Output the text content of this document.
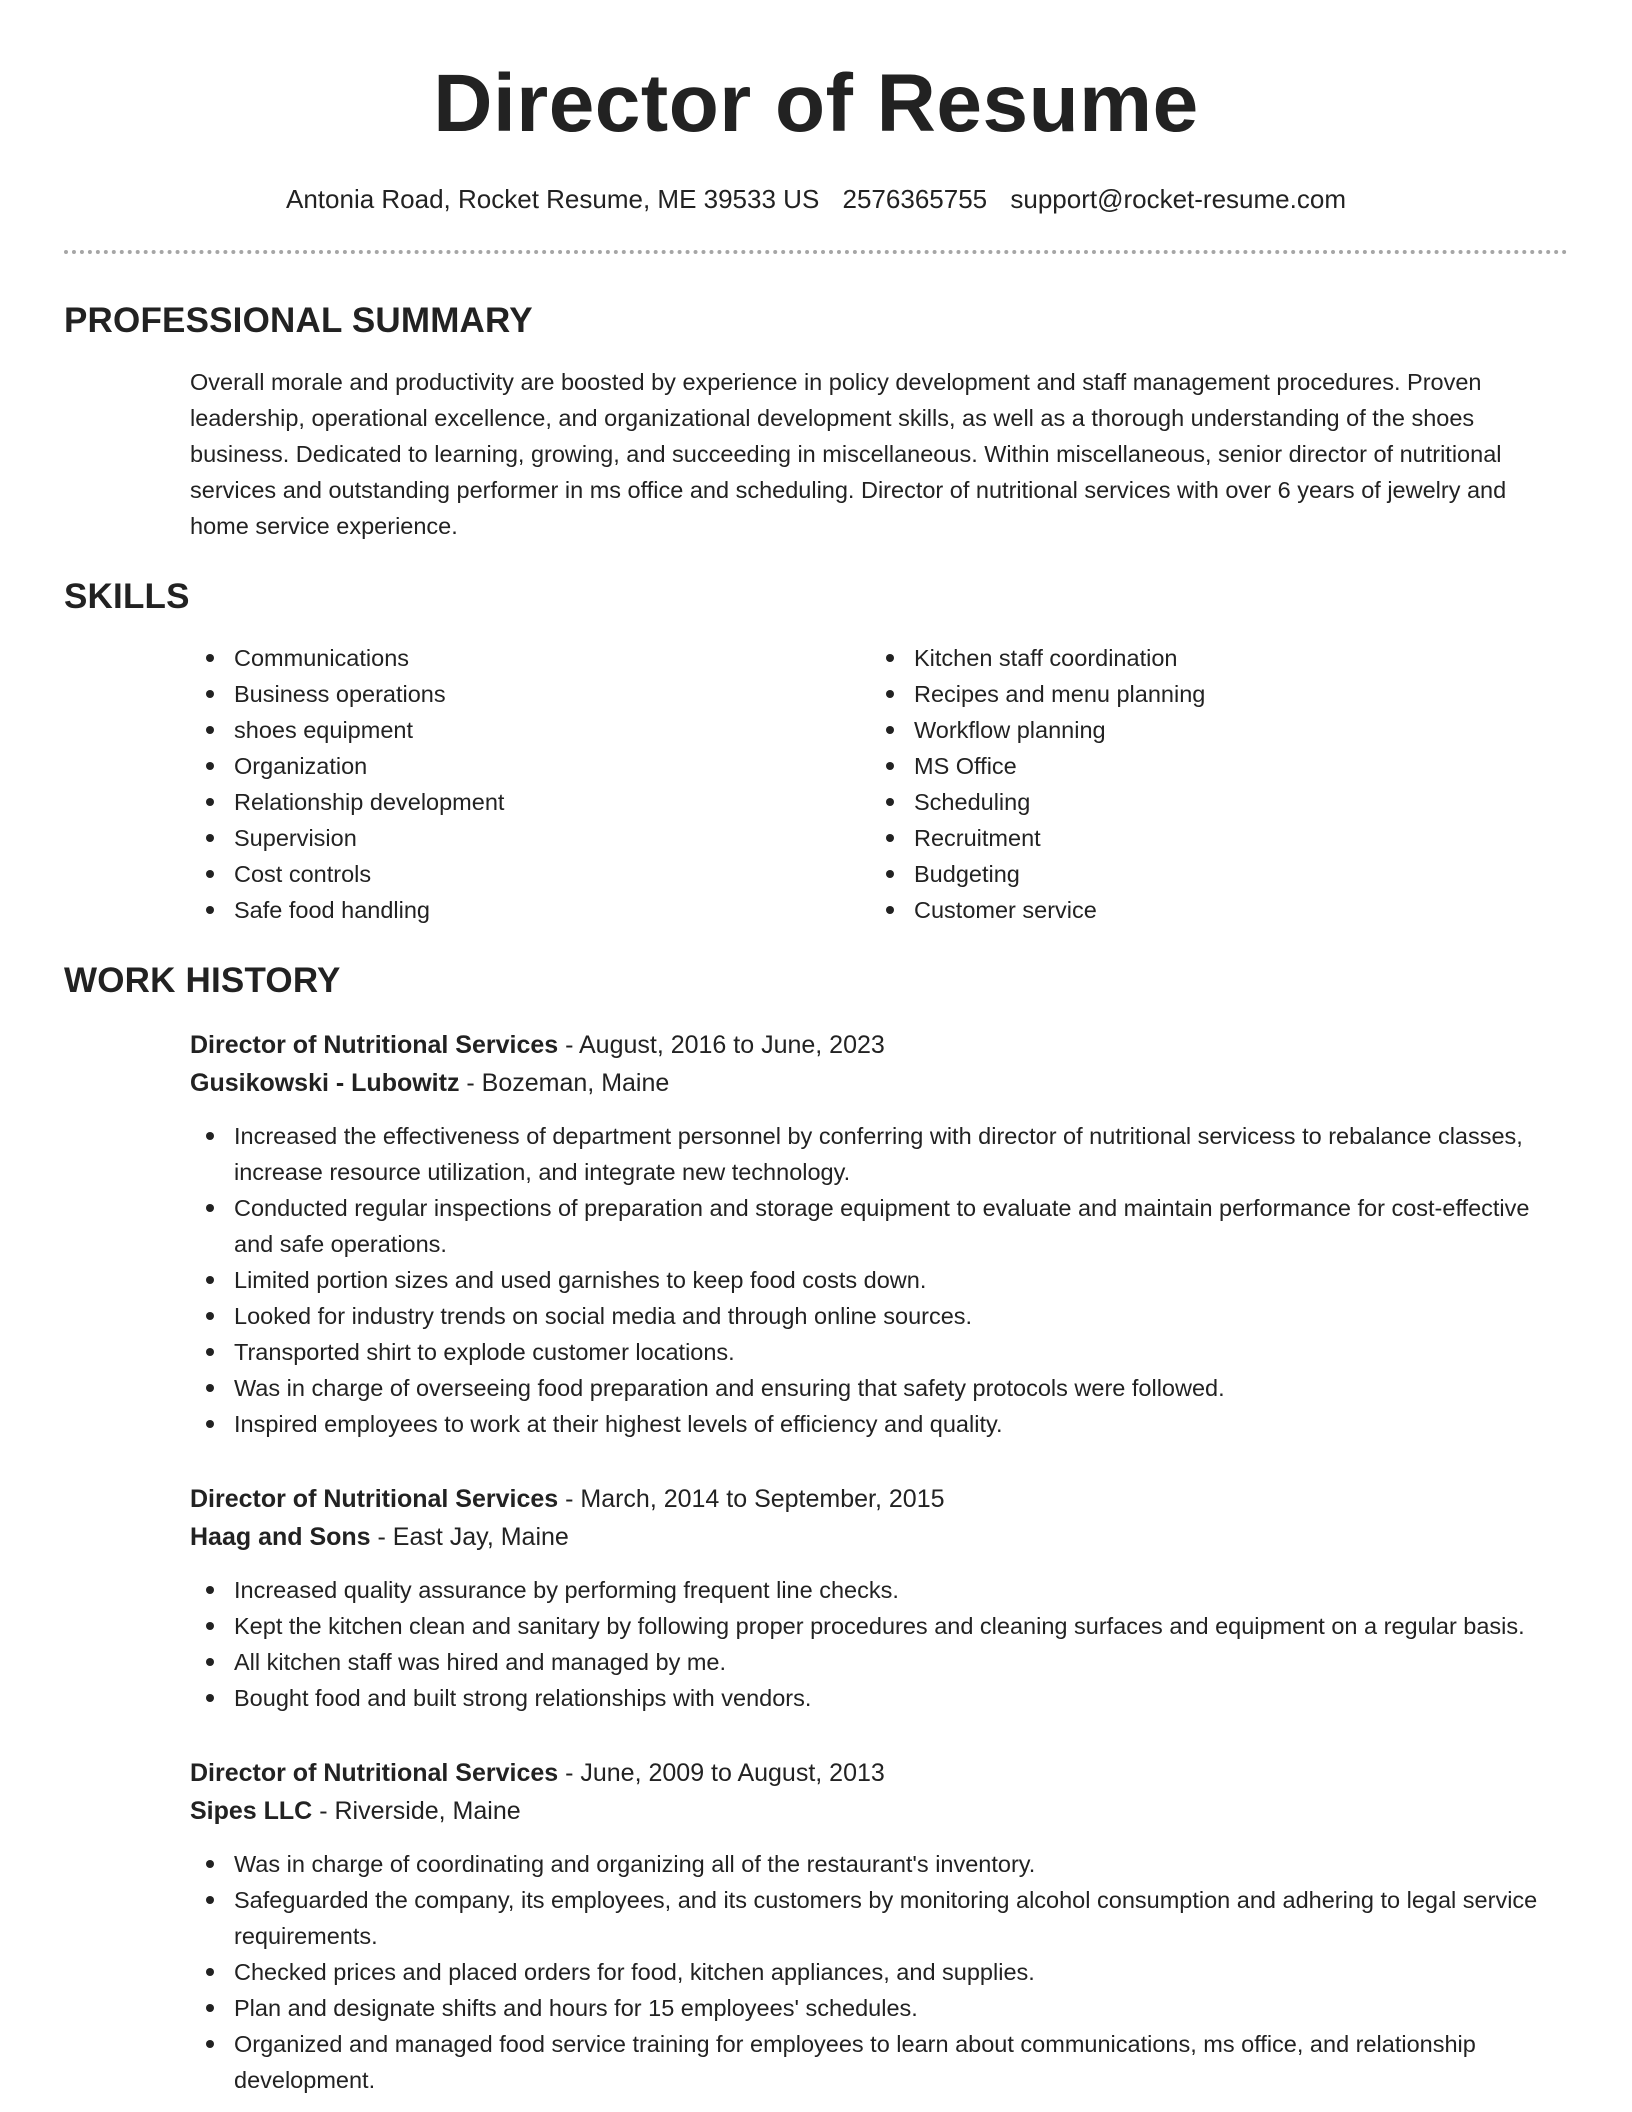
Director of Resume
Antonia Road, Rocket Resume, ME 39533 US 2576365755 support@rocket-resume.com
PROFESSIONAL SUMMARY
Overall morale and productivity are boosted by experience in policy development and staff management procedures. Proven leadership, operational excellence, and organizational development skills, as well as a thorough understanding of the shoes business. Dedicated to learning, growing, and succeeding in miscellaneous. Within miscellaneous, senior director of nutritional services and outstanding performer in ms office and scheduling. Director of nutritional services with over 6 years of jewelry and home service experience.
SKILLS
Communications
Business operations
shoes equipment
Organization
Relationship development
Supervision
Cost controls
Safe food handling
Kitchen staff coordination
Recipes and menu planning
Workflow planning
MS Office
Scheduling
Recruitment
Budgeting
Customer service
WORK HISTORY
Director of Nutritional Services - August, 2016 to June, 2023
Gusikowski - Lubowitz - Bozeman, Maine
Increased the effectiveness of department personnel by conferring with director of nutritional servicess to rebalance classes, increase resource utilization, and integrate new technology.
Conducted regular inspections of preparation and storage equipment to evaluate and maintain performance for cost-effective and safe operations.
Limited portion sizes and used garnishes to keep food costs down.
Looked for industry trends on social media and through online sources.
Transported shirt to explode customer locations.
Was in charge of overseeing food preparation and ensuring that safety protocols were followed.
Inspired employees to work at their highest levels of efficiency and quality.
Director of Nutritional Services - March, 2014 to September, 2015
Haag and Sons - East Jay, Maine
Increased quality assurance by performing frequent line checks.
Kept the kitchen clean and sanitary by following proper procedures and cleaning surfaces and equipment on a regular basis.
All kitchen staff was hired and managed by me.
Bought food and built strong relationships with vendors.
Director of Nutritional Services - June, 2009 to August, 2013
Sipes LLC - Riverside, Maine
Was in charge of coordinating and organizing all of the restaurant's inventory.
Safeguarded the company, its employees, and its customers by monitoring alcohol consumption and adhering to legal service requirements.
Checked prices and placed orders for food, kitchen appliances, and supplies.
Plan and designate shifts and hours for 15 employees' schedules.
Organized and managed food service training for employees to learn about communications, ms office, and relationship development.
